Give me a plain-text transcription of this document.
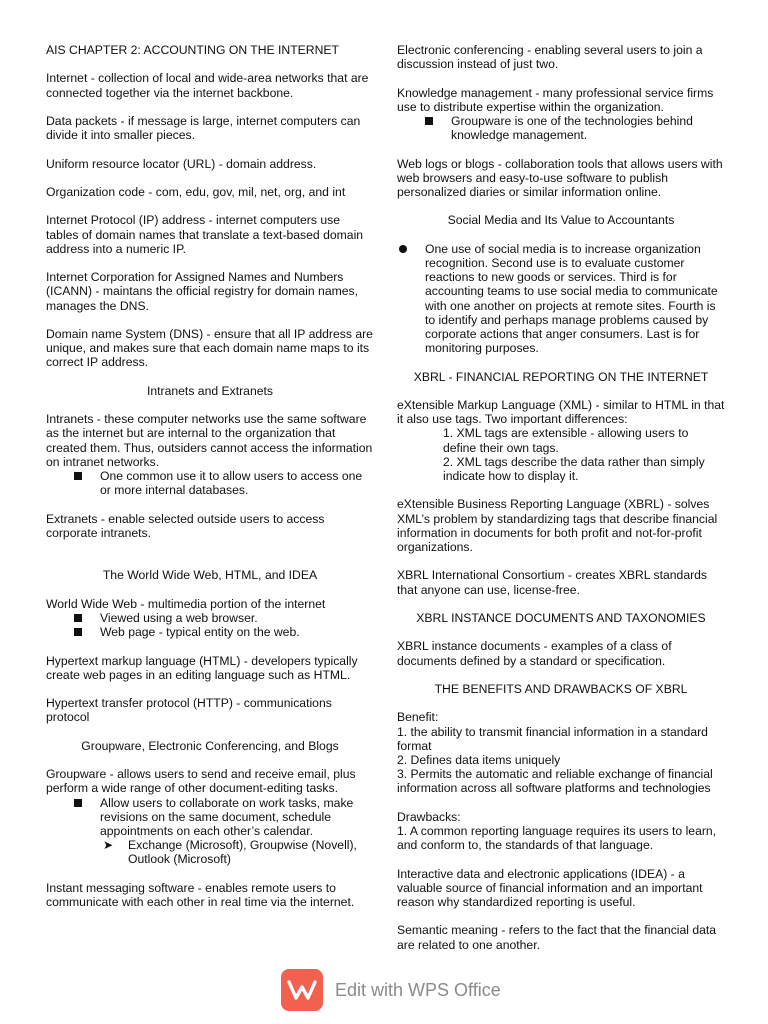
AIS CHAPTER 2: ACCOUNTING ON THE INTERNET

Internet - collection of local and wide-area networks that are connected together via the internet backbone.

Data packets - if message is large, internet computers can divide it into smaller pieces.

Uniform resource locator (URL) - domain address.

Organization code - com, edu, gov, mil, net, org, and int

Internet Protocol (IP) address - internet computers use tables of domain names that translate a text-based domain address into a numeric IP.

Internet Corporation for Assigned Names and Numbers (ICANN) - maintans the official registry for domain names, manages the DNS.

Domain name System (DNS) - ensure that all IP address are unique, and makes sure that each domain name maps to its correct IP address.

Intranets and Extranets

Intranets - these computer networks use the same software as the internet but are internal to the organization that created them. Thus, outsiders cannot access the information on intranet networks.

One common use it to allow users to access one or more internal databases.

Extranets - enable selected outside users to access corporate intranets.

The World Wide Web, HTML, and IDEA

World Wide Web - multimedia portion of the internet

Viewed using a web browser.
Web page - typical entity on the web.

Hypertext markup language (HTML) - developers typically create web pages in an editing language such as HTML.

Hypertext transfer protocol (HTTP) - communications protocol

Groupware, Electronic Conferencing, and Blogs

Groupware - allows users to send and receive email, plus perform a wide range of other document-editing tasks.

Allow users to collaborate on work tasks, make revisions on the same document, schedule appointments on each other’s calendar.
➤ Exchange (Microsoft), Groupwise (Novell), Outlook (Microsoft)

Instant messaging software - enables remote users to communicate with each other in real time via the internet.

Electronic conferencing - enabling several users to join a discussion instead of just two.

Knowledge management - many professional service firms use to distribute expertise within the organization.

Groupware is one of the technologies behind knowledge management.

Web logs or blogs - collaboration tools that allows users with web browsers and easy-to-use software to publish personalized diaries or similar information online.

Social Media and Its Value to Accountants

One use of social media is to increase organization recognition. Second use is to evaluate customer reactions to new goods or services. Third is for accounting teams to use social media to communicate with one another on projects at remote sites. Fourth is to identify and perhaps manage problems caused by corporate actions that anger consumers. Last is for monitoring purposes.

XBRL - FINANCIAL REPORTING ON THE INTERNET

eXtensible Markup Language (XML) - similar to HTML in that it also use tags. Two important differences:

1. XML tags are extensible - allowing users to define their own tags.
2. XML tags describe the data rather than simply indicate how to display it.

eXtensible Business Reporting Language (XBRL) - solves XML’s problem by standardizing tags that describe financial information in documents for both profit and not-for-profit organizations.

XBRL International Consortium - creates XBRL standards that anyone can use, license-free.

XBRL INSTANCE DOCUMENTS AND TAXONOMIES

XBRL instance documents - examples of a class of documents defined by a standard or specification.

THE BENEFITS AND DRAWBACKS OF XBRL

Benefit:
1. the ability to transmit financial information in a standard format
2. Defines data items uniquely
3. Permits the automatic and reliable exchange of financial information across all software platforms and technologies
Drawbacks:
1. A common reporting language requires its users to learn, and conform to, the standards of that language.

Interactive data and electronic applications (IDEA) - a valuable source of financial information and an important reason why standardized reporting is useful.

Semantic meaning - refers to the fact that the financial data are related to one another.

Edit with WPS Office
